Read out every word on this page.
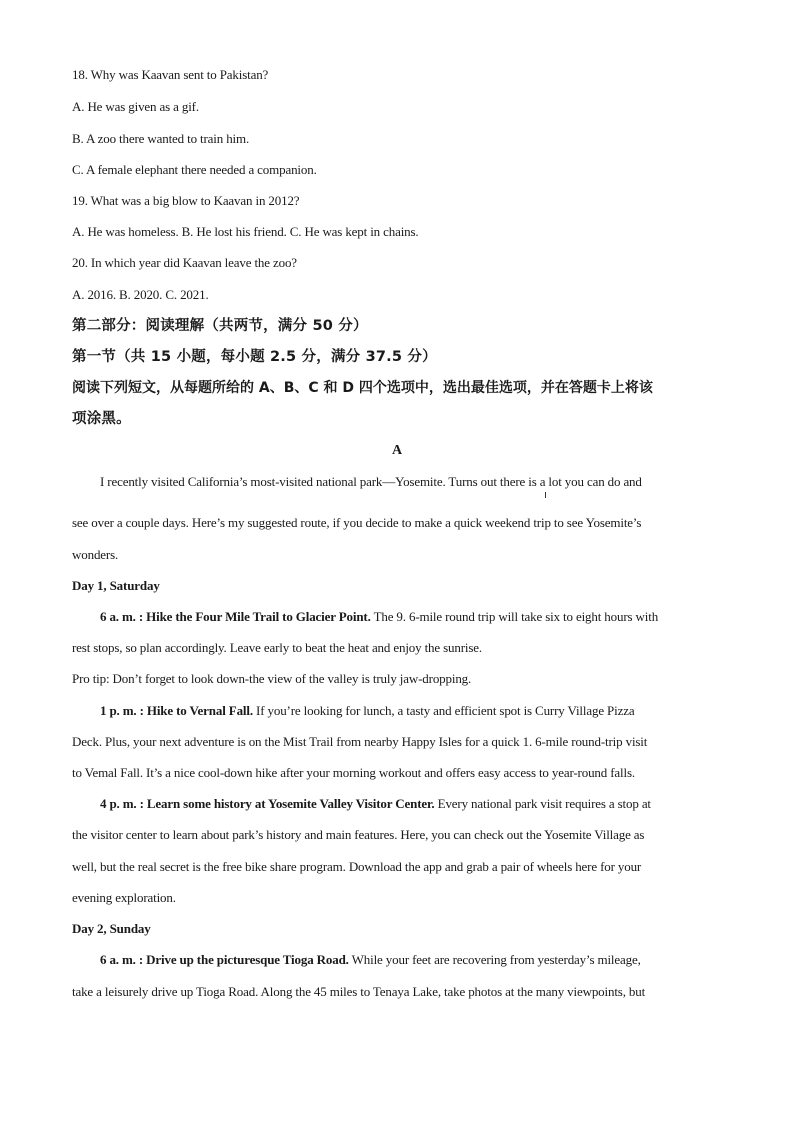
18. Why was Kaavan sent to Pakistan?
A. He was given as a gif.
B. A zoo there wanted to train him.
C. A female elephant there needed a companion.
19. What was a big blow to Kaavan in 2012?
A. He was homeless. B. He lost his friend. C. He was kept in chains.
20. In which year did Kaavan leave the zoo?
A. 2016. B. 2020. C. 2021.
第二部分：阅读理解（共两节，满分 50 分）
第一节（共 15 小题，每小题 2.5 分，满分 37.5 分）
阅读下列短文，从每题所给的 A、B、C 和 D 四个选项中，选出最佳选项，并在答题卡上将该
项涂黑。
A
I recently visited California’s most-visited national park—Yosemite. Turns out there is a lot you can do and
see over a couple days. Here’s my suggested route, if you decide to make a quick weekend trip to see Yosemite’s
wonders.
Day 1, Saturday
6 a. m. : Hike the Four Mile Trail to Glacier Point. The 9. 6-mile round trip will take six to eight hours with
rest stops, so plan accordingly. Leave early to beat the heat and enjoy the sunrise.
Pro tip: Don’t forget to look down-the view of the valley is truly jaw-dropping.
1 p. m. : Hike to Vernal Fall. If you’re looking for lunch, a tasty and efficient spot is Curry Village Pizza
Deck. Plus, your next adventure is on the Mist Trail from nearby Happy Isles for a quick 1. 6-mile round-trip visit
to Vemal Fall. It’s a nice cool-down hike after your morning workout and offers easy access to year-round falls.
4 p. m. : Learn some history at Yosemite Valley Visitor Center. Every national park visit requires a stop at
the visitor center to learn about park’s history and main features. Here, you can check out the Yosemite Village as
well, but the real secret is the free bike share program. Download the app and grab a pair of wheels here for your
evening exploration.
Day 2, Sunday
6 a. m. : Drive up the picturesque Tioga Road. While your feet are recovering from yesterday’s mileage,
take a leisurely drive up Tioga Road. Along the 45 miles to Tenaya Lake, take photos at the many viewpoints, but
